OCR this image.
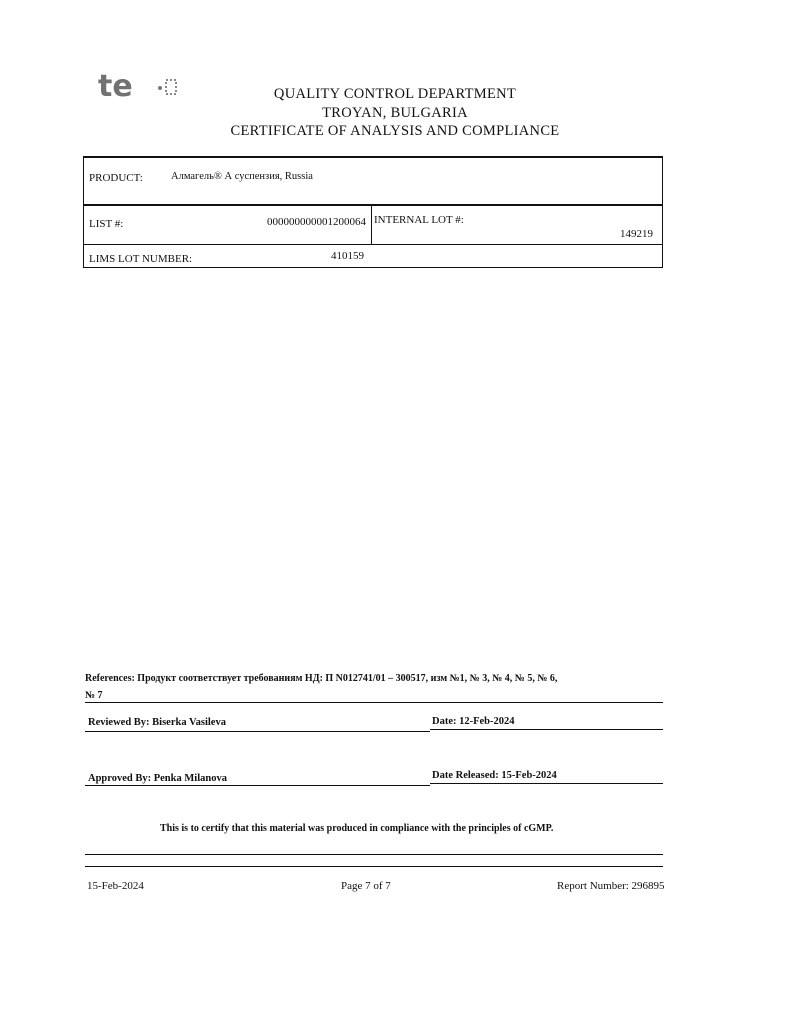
te	QUALITY CONTROL DEPARTMENT
TROYAN, BULGARIA
CERTIFICATE OF ANALYSIS AND COMPLIANCE
PRODUCT:	Алмагель® А суспензия, Russia
LIST #:	000000000001200064 INTERNAL LOT #:
149219
LIMS LOT NUMBER:	410159
References: Продукт соответствует требованиям НД: П N012741/01 – 300517, изм №1, № 3, № 4, № 5, № 6,
№ 7
Reviewed By: Biserka Vasileva	Date: 12-Feb-2024
Approved By: Penka Milanova	Date Released: 15-Feb-2024
This is to certify that this material was produced in compliance with the principles of cGMP.
15-Feb-2024	Page 7 of 7	Report Number: 296895
